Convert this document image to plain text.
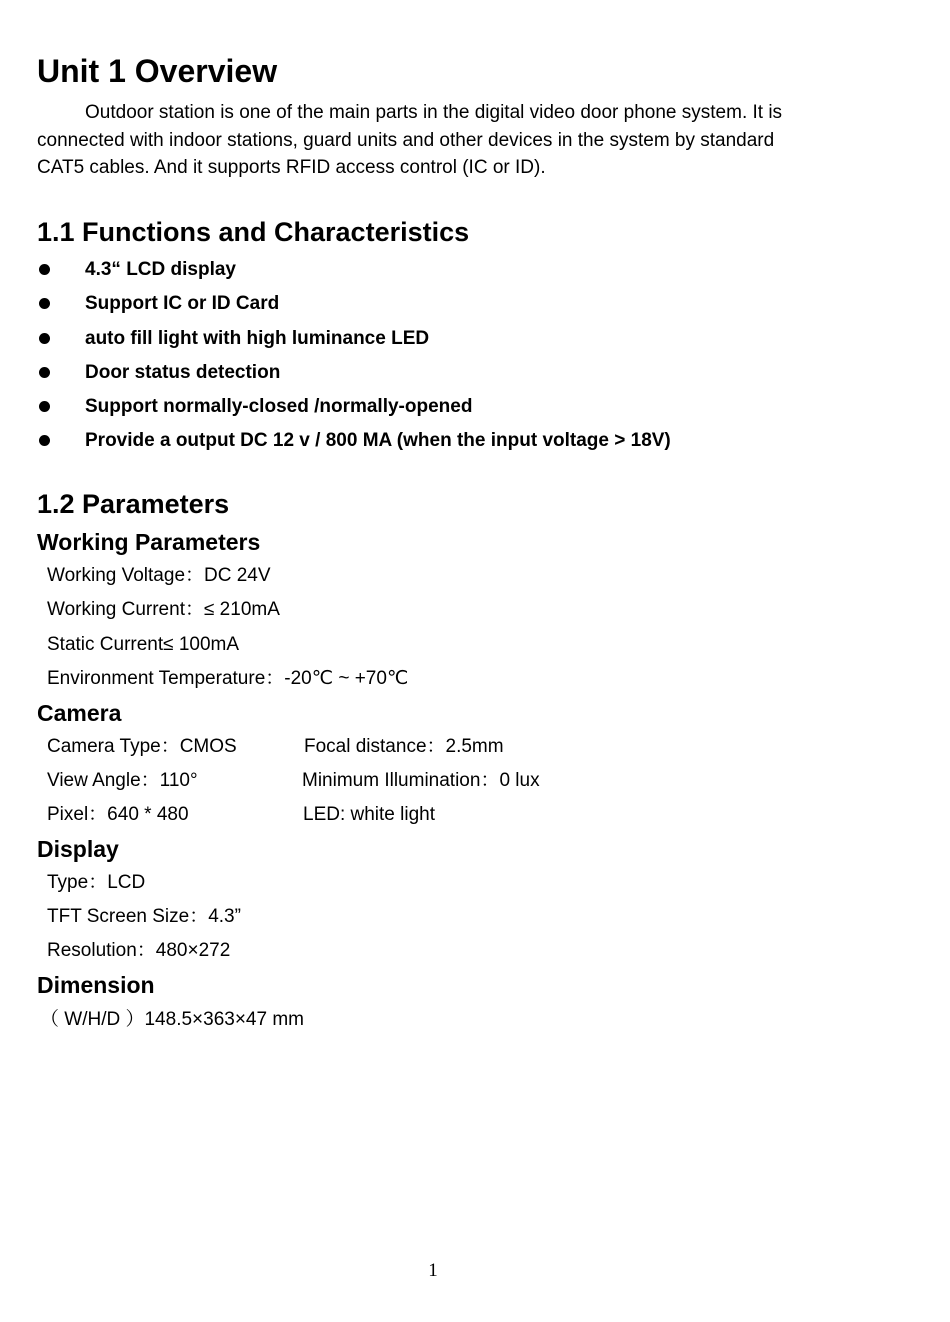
Unit 1 Overview
Outdoor station is one of the main parts in the digital video door phone system. It is
connected with indoor stations, guard units and other devices in the system by standard
CAT5 cables. And it supports RFID access control (IC or ID).
1.1 Functions and Characteristics
4.3“ LCD display
Support IC or ID Card
auto fill light with high luminance LED
Door status detection
Support normally-closed /normally-opened
Provide a output DC 12 v / 800 MA (when the input voltage > 18V)
1.2 Parameters
Working Parameters
Working Voltage：DC 24V
Working Current：≤ 210mA
Static Current≤ 100mA
Environment Temperature：-20℃ ~ +70℃
Camera
Camera Type：CMOS	Focal distance：2.5mm
View Angle：110°	Minimum Illumination：0 lux
Pixel：640 * 480	LED: white light
Display
Type：LCD
TFT Screen Size：4.3”
Resolution：480×272
Dimension
（ W/H/D ）148.5×363×47 mm
1
